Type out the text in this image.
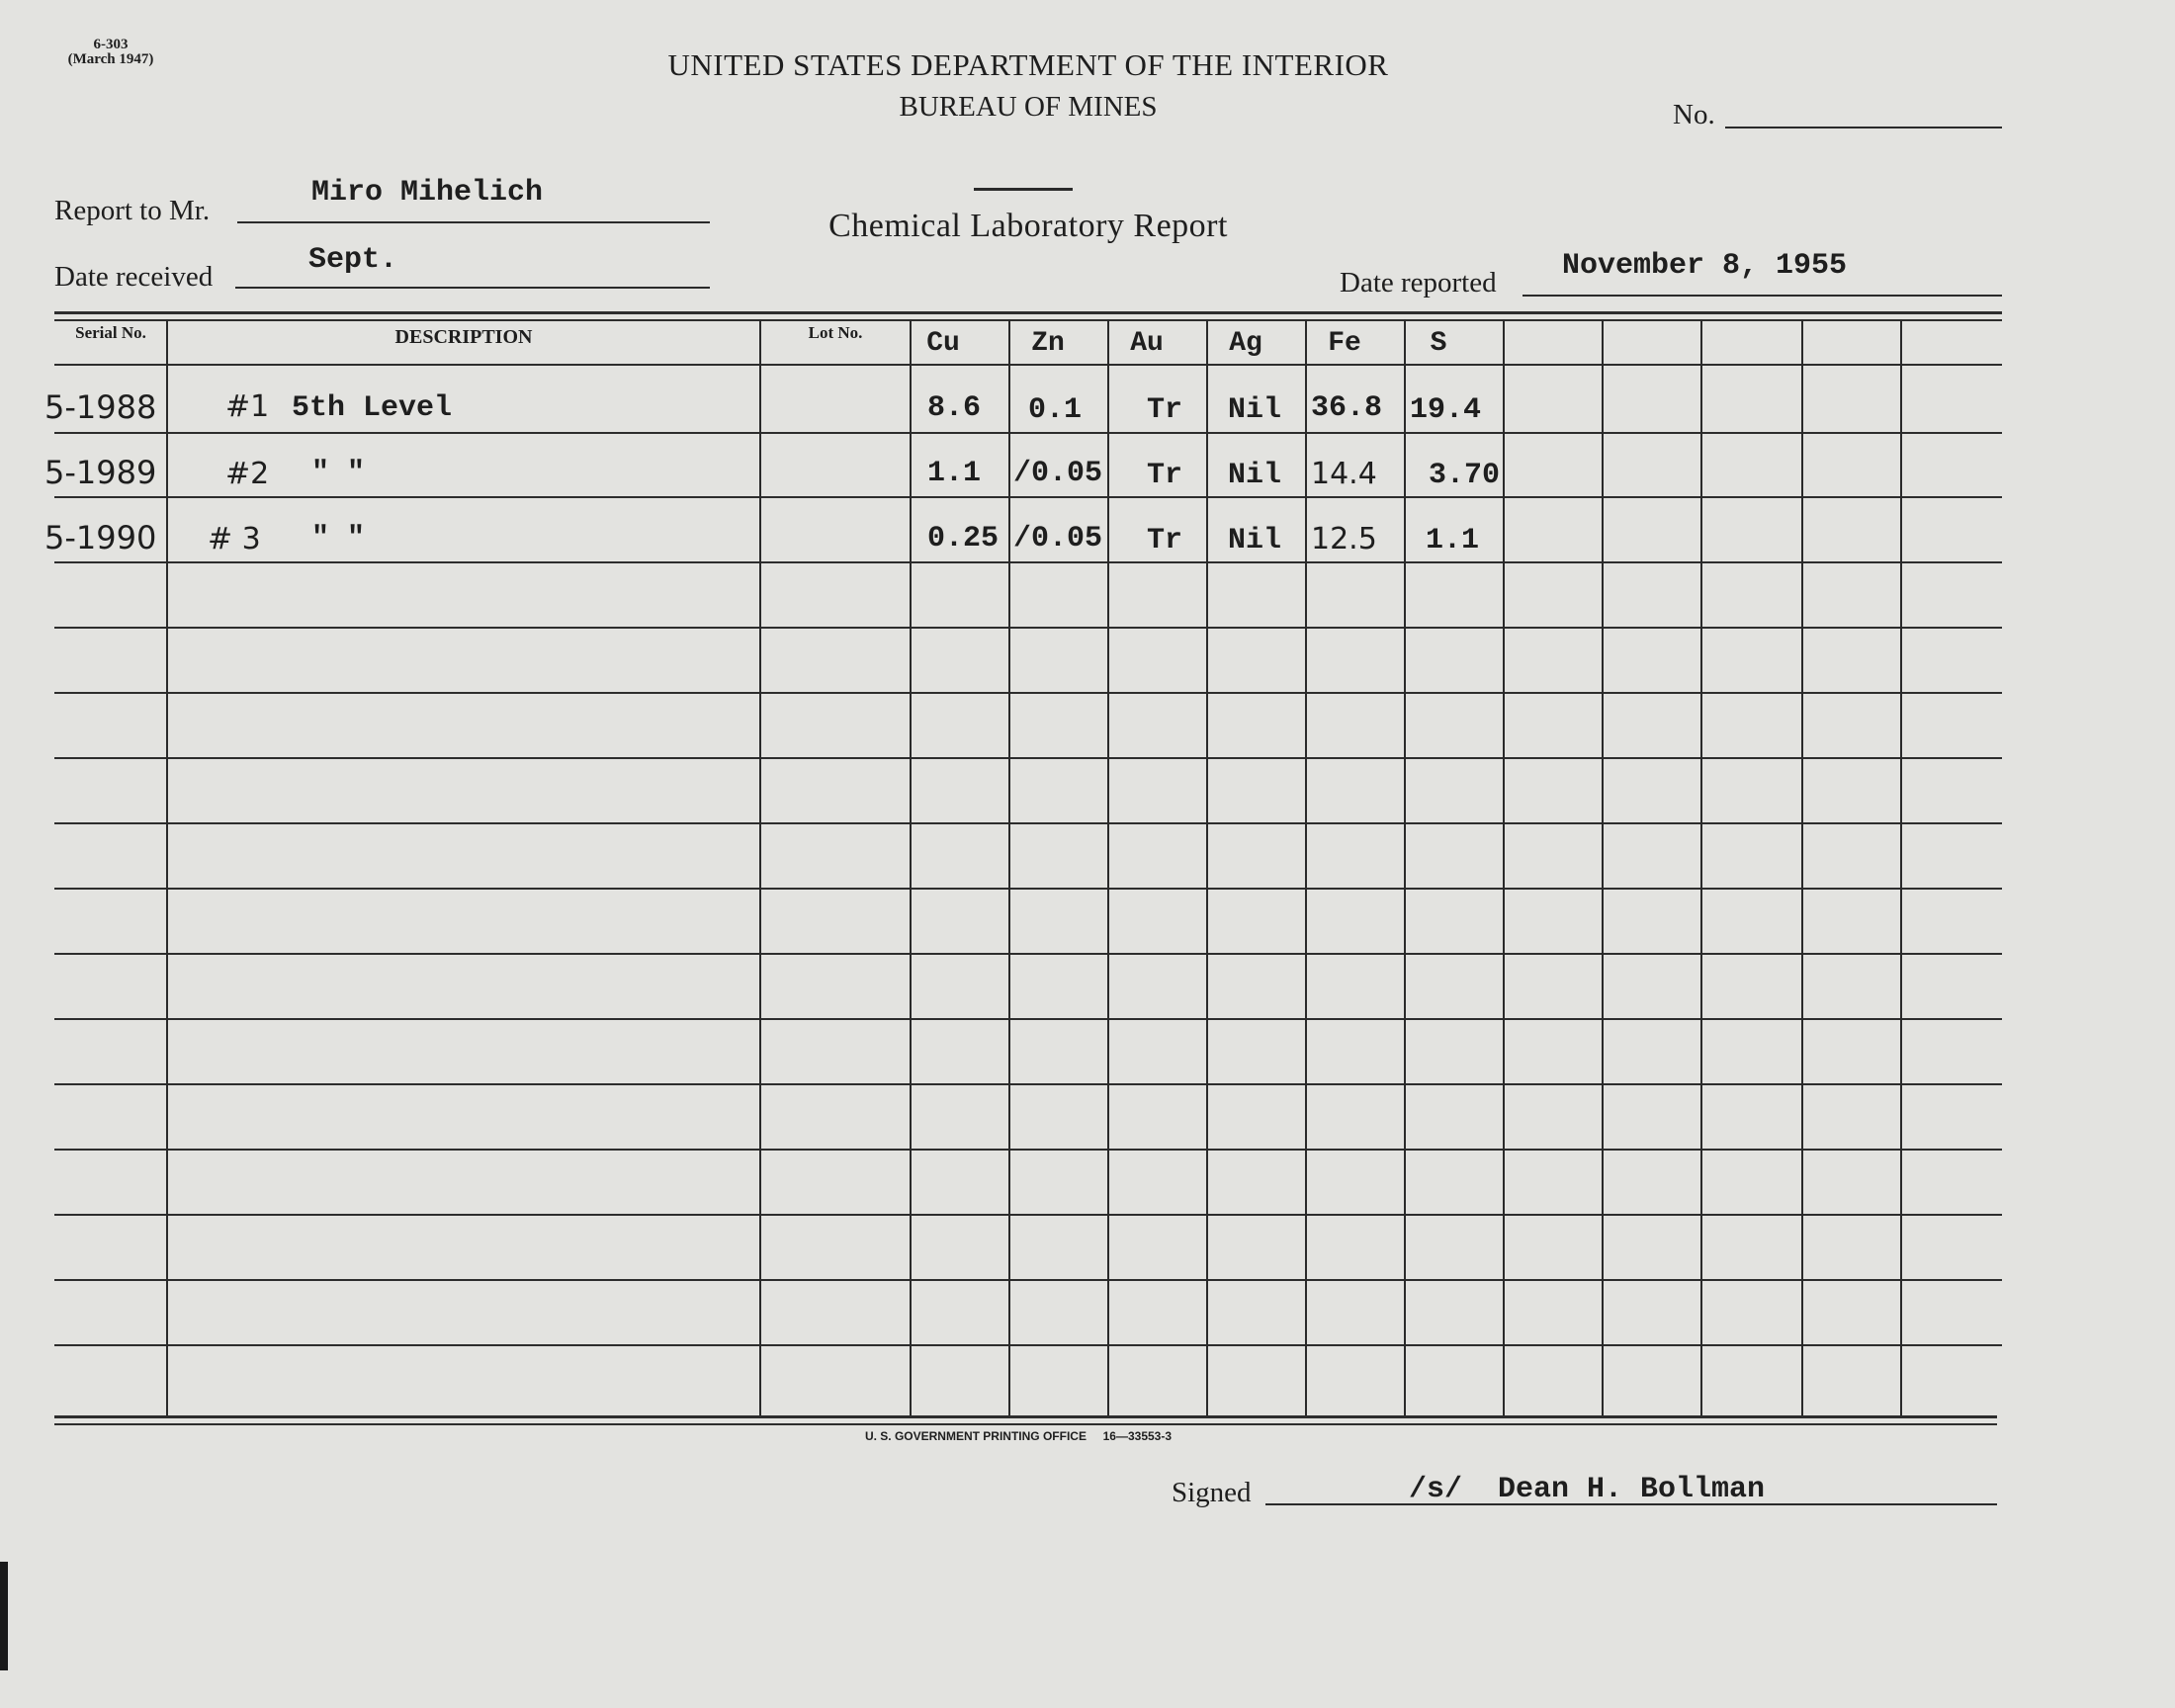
6-303
(March 1947)	UNITED STATES DEPARTMENT OF THE INTERIOR
BUREAU OF MINES	No.
Chemical Laboratory Report
Report to Mr.
Miro Mihelich
Date received	Sept.
Date reported November 8, 1955
Serial No.	DESCRIPTION	Lot No.	Cu	Zn	Au	Ag	Fe	S
5-1988 #1 5th Level	8.6 0.1 Tr Nil 36.8 19.4
5-1989 #2 " "	1.1 /0.05 Tr Nil 14.4 3.70
5-1990 # 3 " "	0.25 /0.05 Tr Nil 12.5 1.1
U. S. GOVERNMENT PRINTING OFFICE     16—33553-3
Signed	/s/  Dean H. Bollman
